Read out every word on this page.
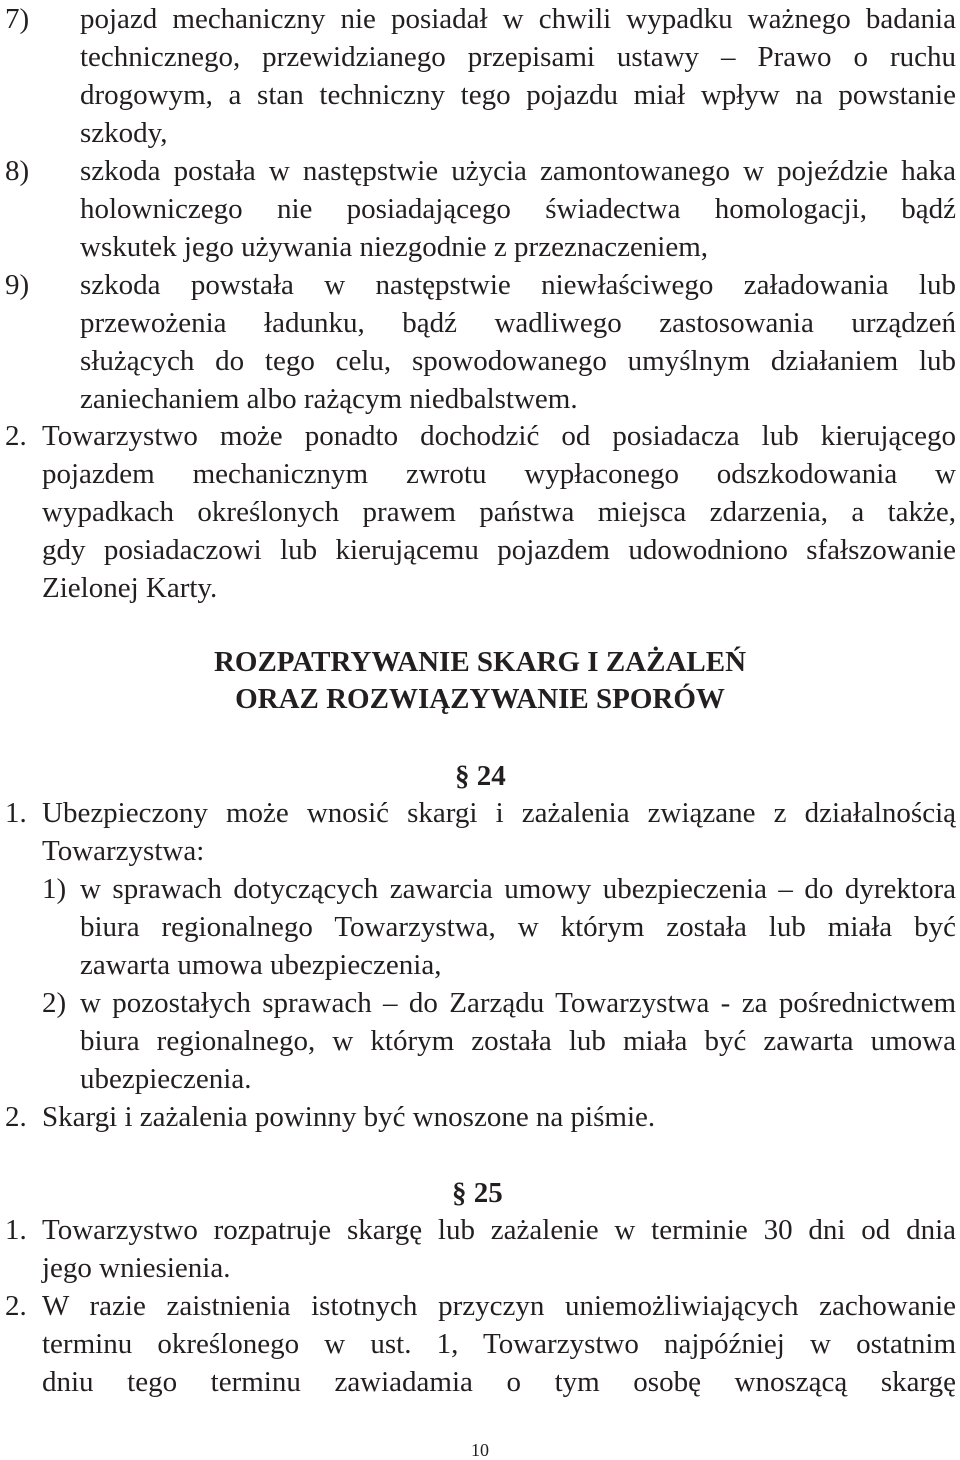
7) pojazd mechaniczny nie posiadał w chwili wypadku ważnego badania
technicznego, przewidzianego przepisami ustawy – Prawo o ruchu
drogowym, a stan techniczny tego pojazdu miał wpływ na powstanie
szkody,
8) szkoda postała w następstwie użycia zamontowanego w pojeździe haka
holowniczego nie posiadającego świadectwa homologacji, bądź
wskutek jego używania niezgodnie z przeznaczeniem,
9) szkoda powstała w następstwie niewłaściwego załadowania lub
przewożenia ładunku, bądź wadliwego zastosowania urządzeń
służących do tego celu, spowodowanego umyślnym działaniem lub
zaniechaniem albo rażącym niedbalstwem.
2. Towarzystwo może ponadto dochodzić od posiadacza lub kierującego
pojazdem mechanicznym zwrotu wypłaconego odszkodowania w
wypadkach określonych prawem państwa miejsca zdarzenia, a także,
gdy posiadaczowi lub kierującemu pojazdem udowodniono sfałszowanie
Zielonej Karty.
ROZPATRYWANIE SKARG I ZAŻALEŃ
ORAZ ROZWIĄZYWANIE SPORÓW
§ 24
1. Ubezpieczony może wnosić skargi i zażalenia związane z działalnością
Towarzystwa:
1) w sprawach dotyczących zawarcia umowy ubezpieczenia – do dyrektora
biura regionalnego Towarzystwa, w którym została lub miała być
zawarta umowa ubezpieczenia,
2) w pozostałych sprawach – do Zarządu Towarzystwa - za pośrednictwem
biura regionalnego, w którym została lub miała być zawarta umowa
ubezpieczenia.
2. Skargi i zażalenia powinny być wnoszone na piśmie.
§ 25
1. Towarzystwo rozpatruje skargę lub zażalenie w terminie 30 dni od dnia
jego wniesienia.
2. W razie zaistnienia istotnych przyczyn uniemożliwiających zachowanie
terminu określonego w ust. 1, Towarzystwo najpóźniej w ostatnim
dniu tego terminu zawiadamia o tym osobę wnoszącą skargę
10
